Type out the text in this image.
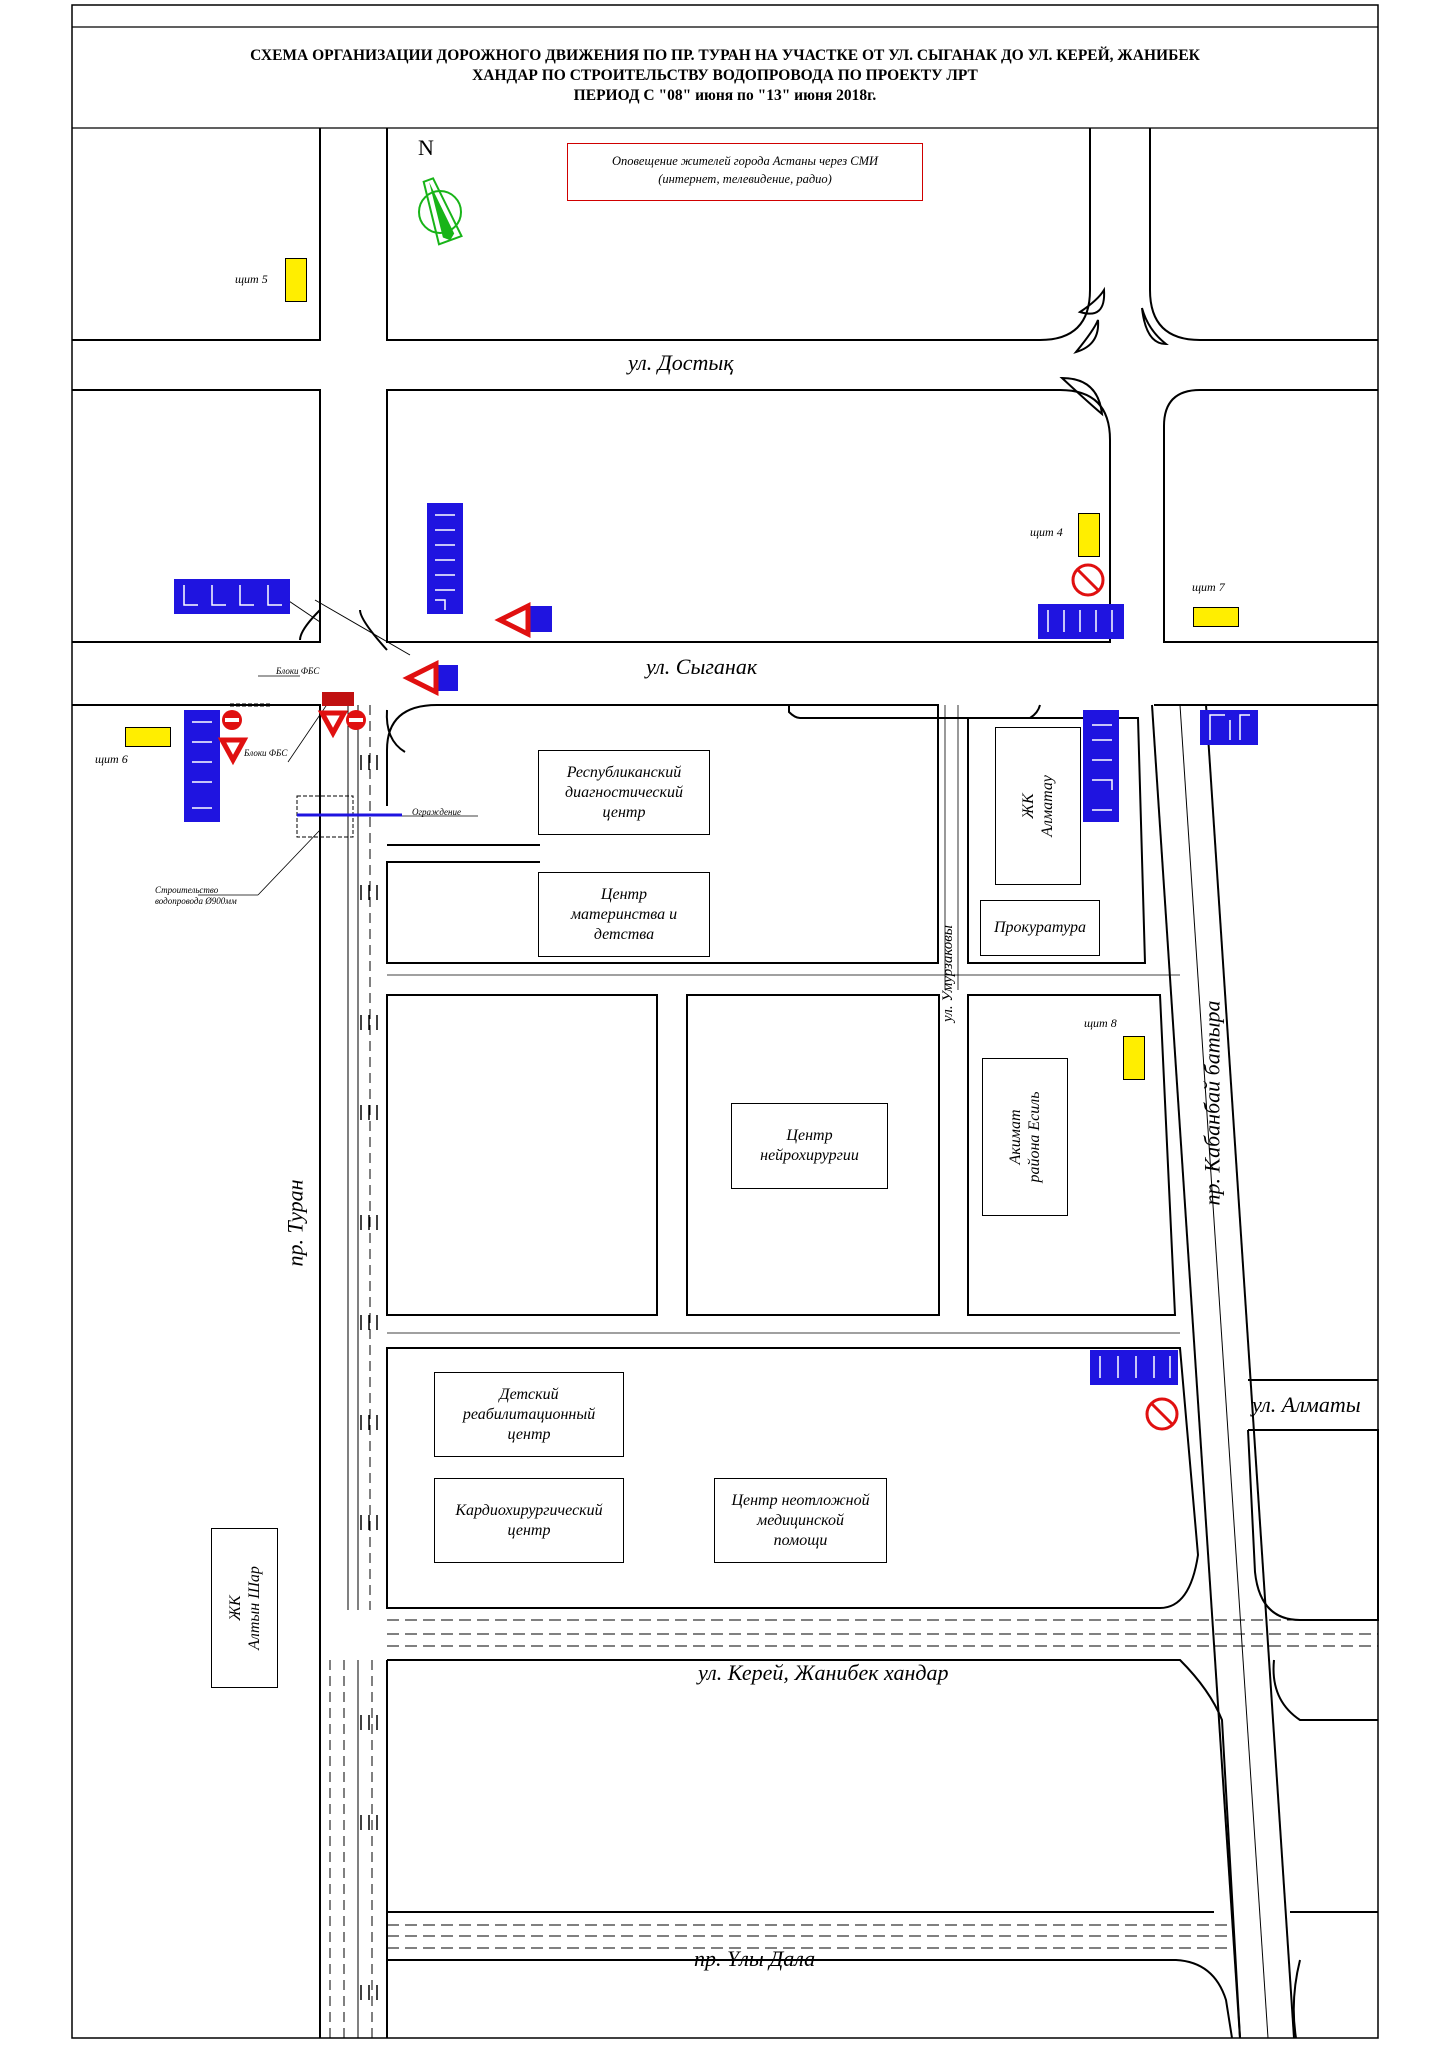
СХЕМА ОРГАНИЗАЦИИ ДОРОЖНОГО ДВИЖЕНИЯ ПО ПР. ТУРАН НА УЧАСТКЕ ОТ УЛ. СЫГАНАК ДО УЛ. КЕРЕЙ, ЖАНИБЕК
ХАНДАР ПО СТРОИТЕЛЬСТВУ ВОДОПРОВОДА ПО ПРОЕКТУ ЛРТ
ПЕРИОД С "08" июня по "13" июня 2018г.
Оповещение жителей города Астаны через СМИ
(интернет, телевидение, радио)
N
ул. Достық
ул. Сыганак
ул. Керей, Жанибек хандар
пр. Ұлы Дала
ул. Алматы
пр. Туран
пр. Кабанбай батыра
ул. Умурзаковы
Республиканский
диагностический
центр
Центр
материнства и
детства
Центр
нейрохирургии
Детский
реабилитационный
центр
Кардиохирургический
центр
Центр неотложной
медицинской
помощи
Прокуратура
ЖК Алматау
Акимат района Есиль
ЖК Алтын Шар
щит 5
щит 4
щит 7
щит 6
щит 8
Блоки ФБС
Блоки ФБС
Ограждение
Строительство
водопровода Ø900мм
